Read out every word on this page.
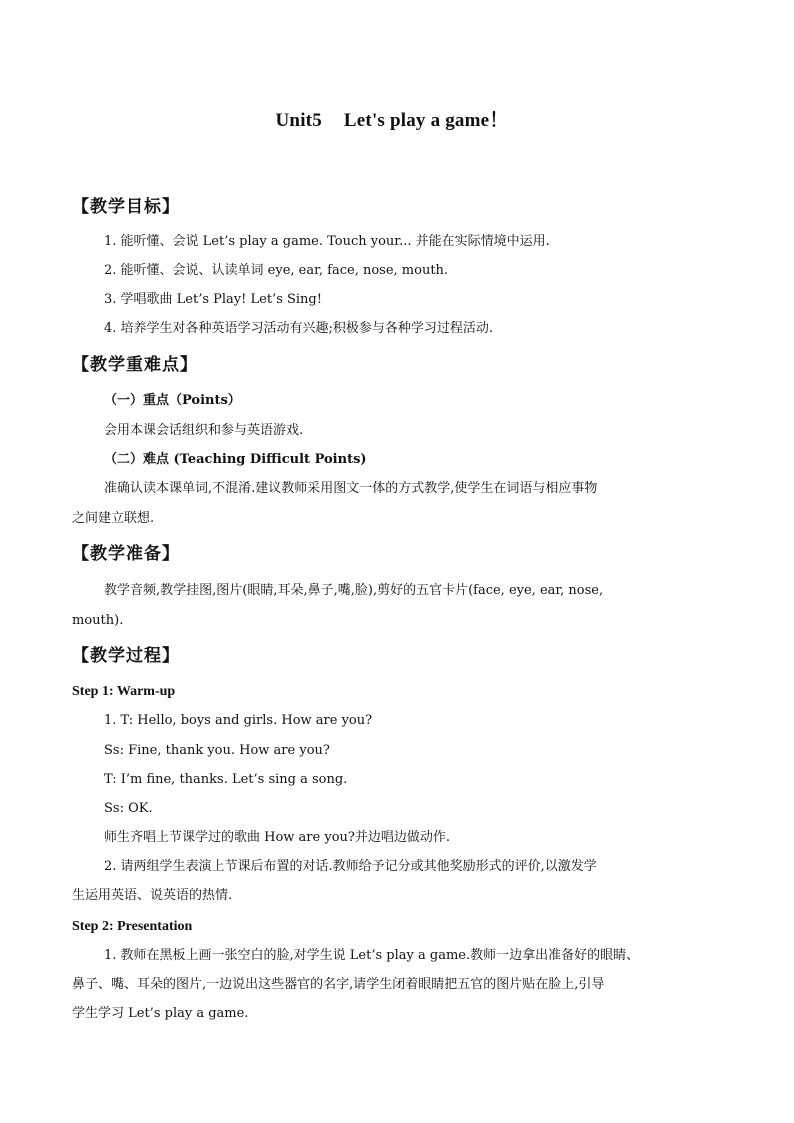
Unit5 Let's play a game！
【教学目标】
1. 能听懂、会说 Let’s play a game. Touch your... 并能在实际情境中运用.
2. 能听懂、会说、认读单词 eye, ear, face, nose, mouth.
3. 学唱歌曲 Let’s Play! Let’s Sing!
4. 培养学生对各种英语学习活动有兴趣;积极参与各种学习过程活动.
【教学重难点】
（一）重点（Points）
会用本课会话组织和参与英语游戏.
（二）难点 (Teaching Difficult Points)
准确认读本课单词,不混淆.建议教师采用图文一体的方式教学,使学生在词语与相应事物
之间建立联想.
【教学准备】
教学音频,教学挂图,图片(眼睛,耳朵,鼻子,嘴,脸),剪好的五官卡片(face, eye, ear, nose,
mouth).
【教学过程】
Step 1: Warm-up
1. T: Hello, boys and girls. How are you?
Ss: Fine, thank you. How are you?
T: I’m fine, thanks. Let’s sing a song.
Ss: OK.
师生齐唱上节课学过的歌曲 How are you?并边唱边做动作.
2. 请两组学生表演上节课后布置的对话.教师给予记分或其他奖励形式的评价,以激发学
生运用英语、说英语的热情.
Step 2: Presentation
1. 教师在黑板上画一张空白的脸,对学生说 Let’s play a game.教师一边拿出准备好的眼睛、
鼻子、嘴、耳朵的图片,一边说出这些器官的名字,请学生闭着眼睛把五官的图片贴在脸上,引导
学生学习 Let’s play a game.
